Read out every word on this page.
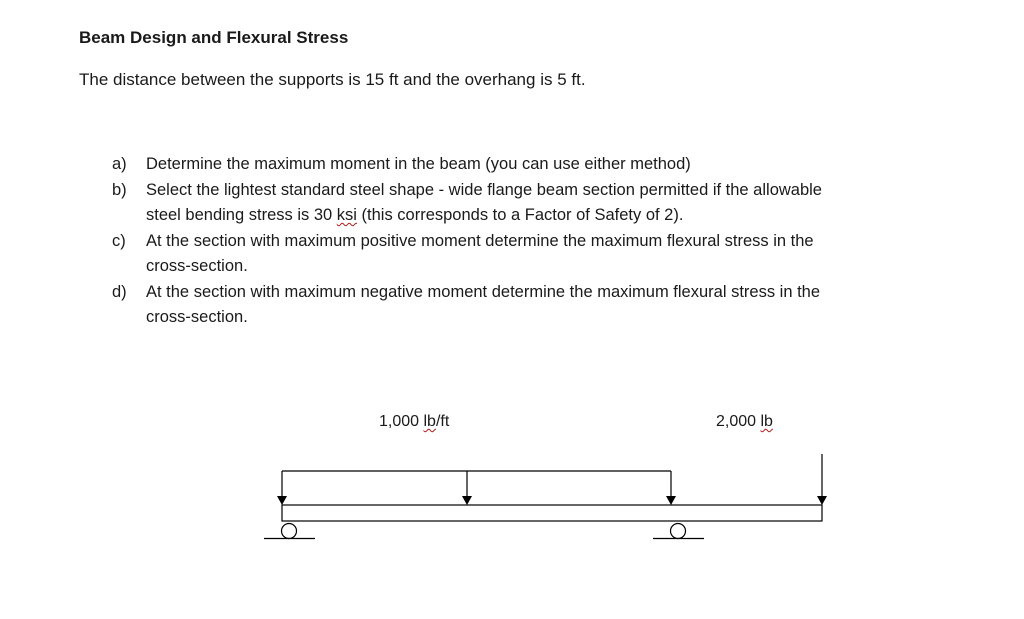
Beam Design and Flexural Stress
The distance between the supports is 15 ft and the overhang is 5 ft.
a)	Determine the maximum moment in the beam (you can use either method)
b)	Select the lightest standard steel shape - wide flange beam section permitted if the allowable
steel bending stress is 30 ksi (this corresponds to a Factor of Safety of 2).
c)	At the section with maximum positive moment determine the maximum flexural stress in the
cross-section.
d)	At the section with maximum negative moment determine the maximum flexural stress in the
cross-section.
1,000 lb/ft	2,000 lb
